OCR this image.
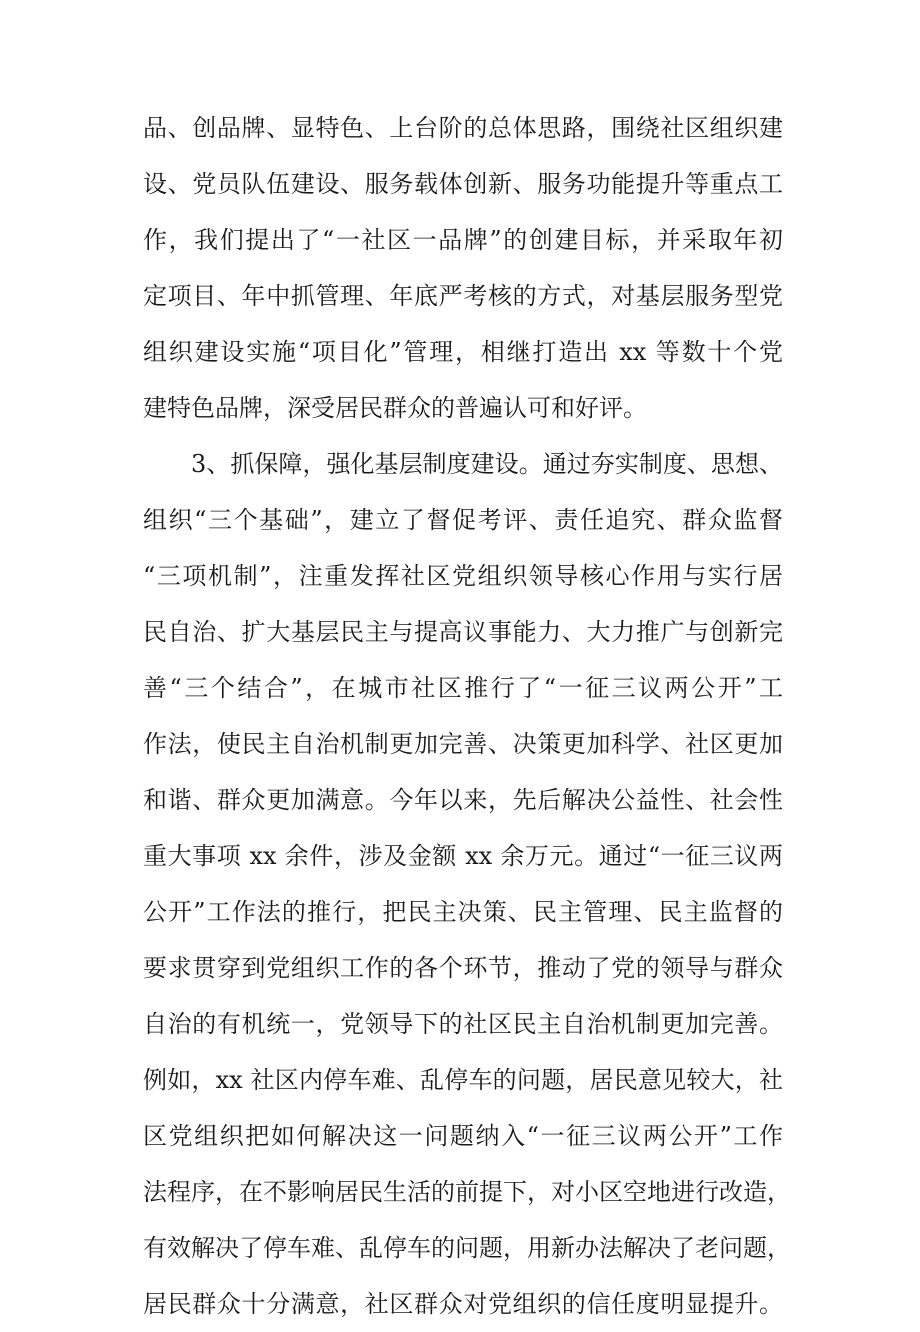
品、创品牌、显特色、上台阶的总体思路，围绕社区组织建
设、党员队伍建设、服务载体创新、服务功能提升等重点工
作，我们提出了“一社区一品牌”的创建目标，并采取年初
定项目、年中抓管理、年底严考核的方式，对基层服务型党
组织建设实施“项目化”管理，相继打造出 xx 等数十个党
建特色品牌，深受居民群众的普遍认可和好评。
　　3、抓保障，强化基层制度建设。通过夯实制度、思想、
组织“三个基础”，建立了督促考评、责任追究、群众监督
“三项机制”，注重发挥社区党组织领导核心作用与实行居
民自治、扩大基层民主与提高议事能力、大力推广与创新完
善“三个结合”，在城市社区推行了“一征三议两公开”工
作法，使民主自治机制更加完善、决策更加科学、社区更加
和谐、群众更加满意。今年以来，先后解决公益性、社会性
重大事项 xx 余件，涉及金额 xx 余万元。通过“一征三议两
公开”工作法的推行，把民主决策、民主管理、民主监督的
要求贯穿到党组织工作的各个环节，推动了党的领导与群众
自治的有机统一，党领导下的社区民主自治机制更加完善。
例如，xx 社区内停车难、乱停车的问题，居民意见较大，社
区党组织把如何解决这一问题纳入“一征三议两公开”工作
法程序，在不影响居民生活的前提下，对小区空地进行改造，
有效解决了停车难、乱停车的问题，用新办法解决了老问题，
居民群众十分满意，社区群众对党组织的信任度明显提升。
